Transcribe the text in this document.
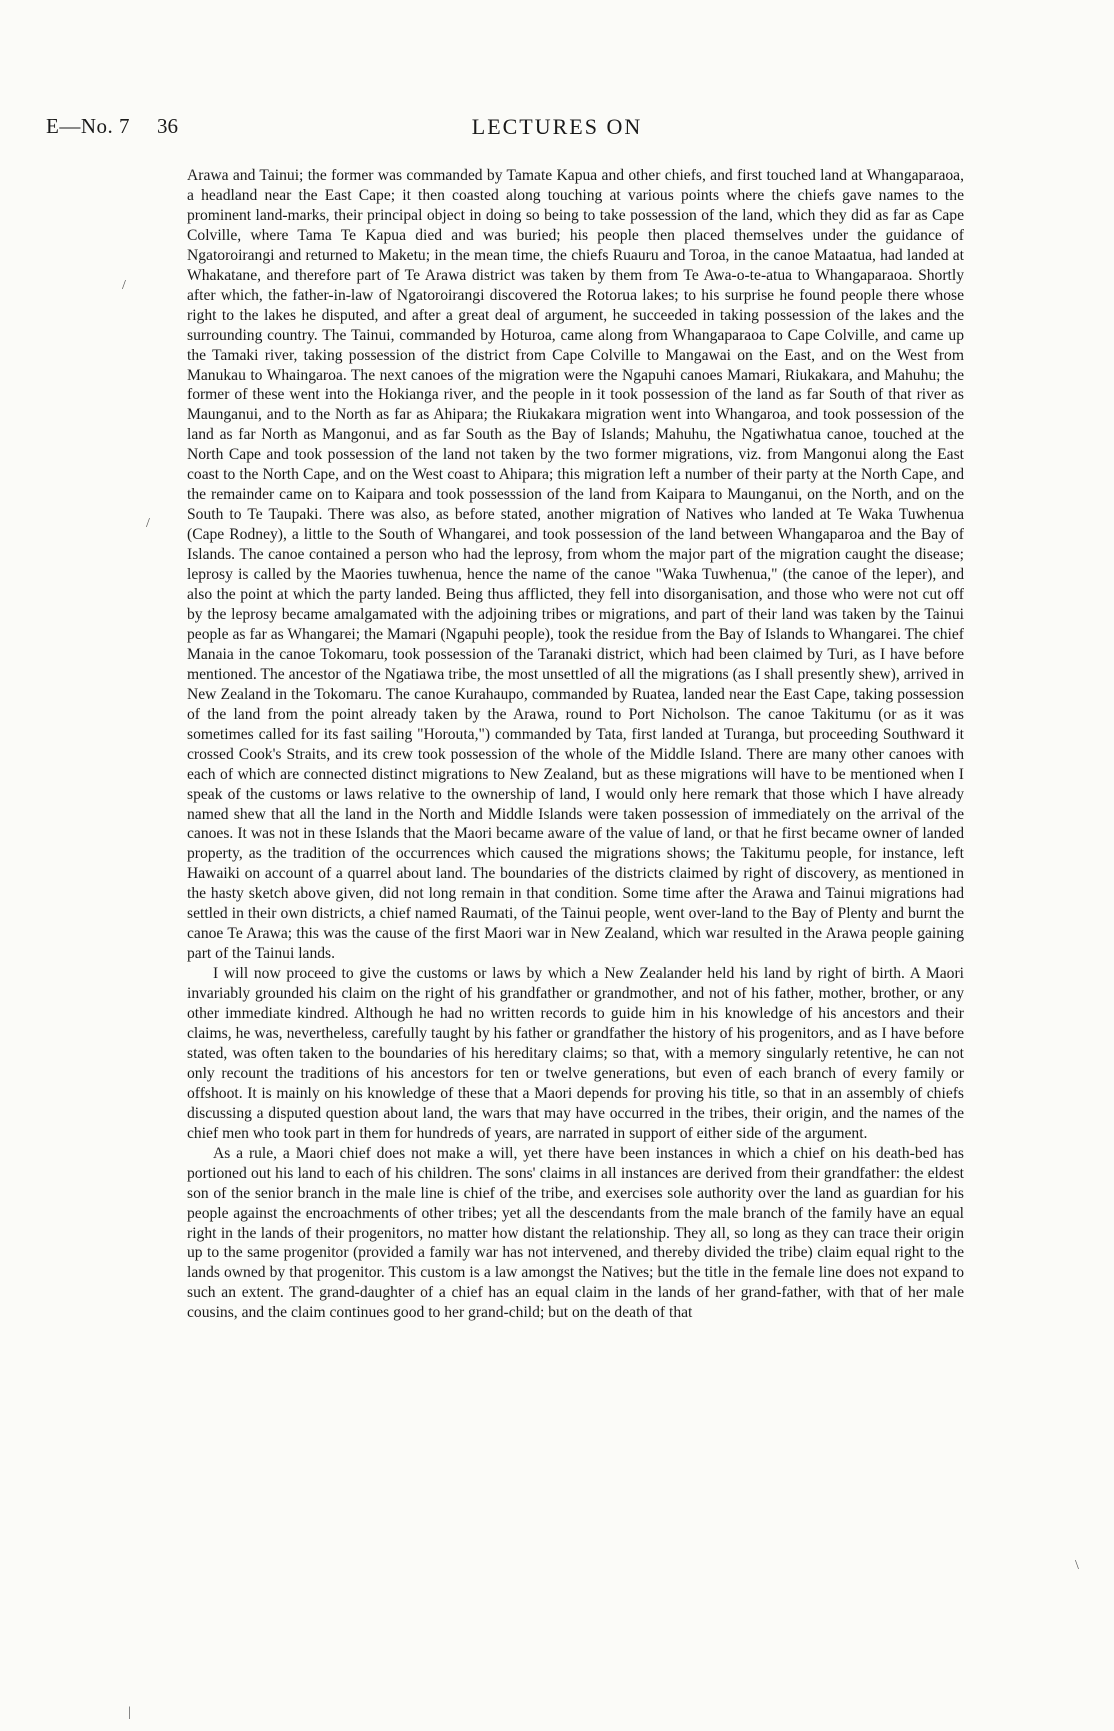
E—No. 7 36	LECTURES ON

Arawa and Tainui; the former was commanded by Tamate Kapua and other chiefs, and first touched land at Whangaparaoa, a headland near the East Cape; it then coasted along touching at various points where the chiefs gave names to the prominent land-marks, their principal object in doing so being to take possession of the land, which they did as far as Cape Colville, where Tama Te Kapua died and was buried; his people then placed themselves under the guidance of Ngatoroirangi and returned to Maketu; in the mean time, the chiefs Ruauru and Toroa, in the canoe Mataatua, had landed at Whakatane, and therefore part of Te Arawa district was taken by them from Te Awa-o-te-atua to Whangaparaoa. Shortly after which, the father-in-law of Ngatoroirangi discovered the Rotorua lakes; to his surprise he found people there whose right to the lakes he disputed, and after a great deal of argument, he succeeded in taking possession of the lakes and the surrounding country. The Tainui, commanded by Hoturoa, came along from Whangaparaoa to Cape Colville, and came up the Tamaki river, taking possession of the district from Cape Colville to Mangawai on the East, and on the West from Manukau to Whaingaroa. The next canoes of the migration were the Ngapuhi canoes Mamari, Riukakara, and Mahuhu; the former of these went into the Hokianga river, and the people in it took possession of the land as far South of that river as Maunganui, and to the North as far as Ahipara; the Riukakara migration went into Whangaroa, and took possession of the land as far North as Mangonui, and as far South as the Bay of Islands; Mahuhu, the Ngatiwhatua canoe, touched at the North Cape and took possession of the land not taken by the two former migrations, viz. from Mangonui along the East coast to the North Cape, and on the West coast to Ahipara; this migration left a number of their party at the North Cape, and the remainder came on to Kaipara and took possesssion of the land from Kaipara to Maunganui, on the North, and on the South to Te Taupaki. There was also, as before stated, another migration of Natives who landed at Te Waka Tuwhenua (Cape Rodney), a little to the South of Whangarei, and took possession of the land between Whangaparoa and the Bay of Islands. The canoe contained a person who had the leprosy, from whom the major part of the migration caught the disease; leprosy is called by the Maories tuwhenua, hence the name of the canoe "Waka Tuwhenua," (the canoe of the leper), and also the point at which the party landed. Being thus afflicted, they fell into disorganisation, and those who were not cut off by the leprosy became amalgamated with the adjoining tribes or migrations, and part of their land was taken by the Tainui people as far as Whangarei; the Mamari (Ngapuhi people), took the residue from the Bay of Islands to Whangarei. The chief Manaia in the canoe Tokomaru, took possession of the Taranaki district, which had been claimed by Turi, as I have before mentioned. The ancestor of the Ngatiawa tribe, the most unsettled of all the migrations (as I shall presently shew), arrived in New Zealand in the Tokomaru. The canoe Kurahaupo, commanded by Ruatea, landed near the East Cape, taking possession of the land from the point already taken by the Arawa, round to Port Nicholson. The canoe Takitumu (or as it was sometimes called for its fast sailing "Horouta,") commanded by Tata, first landed at Turanga, but proceeding Southward it crossed Cook's Straits, and its crew took possession of the whole of the Middle Island. There are many other canoes with each of which are connected distinct migrations to New Zealand, but as these migrations will have to be mentioned when I speak of the customs or laws relative to the ownership of land, I would only here remark that those which I have already named shew that all the land in the North and Middle Islands were taken possession of immediately on the arrival of the canoes. It was not in these Islands that the Maori became aware of the value of land, or that he first became owner of landed property, as the tradition of the occurrences which caused the migrations shows; the Takitumu people, for instance, left Hawaiki on account of a quarrel about land. The boundaries of the districts claimed by right of discovery, as mentioned in the hasty sketch above given, did not long remain in that condition. Some time after the Arawa and Tainui migrations had settled in their own districts, a chief named Raumati, of the Tainui people, went over-land to the Bay of Plenty and burnt the canoe Te Arawa; this was the cause of the first Maori war in New Zealand, which war resulted in the Arawa people gaining part of the Tainui lands.

I will now proceed to give the customs or laws by which a New Zealander held his land by right of birth. A Maori invariably grounded his claim on the right of his grandfather or grandmother, and not of his father, mother, brother, or any other immediate kindred. Although he had no written records to guide him in his knowledge of his ancestors and their claims, he was, nevertheless, carefully taught by his father or grandfather the history of his progenitors, and as I have before stated, was often taken to the boundaries of his hereditary claims; so that, with a memory singularly retentive, he can not only recount the traditions of his ancestors for ten or twelve generations, but even of each branch of every family or offshoot. It is mainly on his knowledge of these that a Maori depends for proving his title, so that in an assembly of chiefs discussing a disputed question about land, the wars that may have occurred in the tribes, their origin, and the names of the chief men who took part in them for hundreds of years, are narrated in support of either side of the argument.

As a rule, a Maori chief does not make a will, yet there have been instances in which a chief on his death-bed has portioned out his land to each of his children. The sons' claims in all instances are derived from their grandfather: the eldest son of the senior branch in the male line is chief of the tribe, and exercises sole authority over the land as guardian for his people against the encroachments of other tribes; yet all the descendants from the male branch of the family have an equal right in the lands of their progenitors, no matter how distant the relationship. They all, so long as they can trace their origin up to the same progenitor (provided a family war has not intervened, and thereby divided the tribe) claim equal right to the lands owned by that progenitor. This custom is a law amongst the Natives; but the title in the female line does not expand to such an extent. The grand-daughter of a chief has an equal claim in the lands of her grand-father, with that of her male cousins, and the claim continues good to her grand-child; but on the death of that

/
/
\
|
